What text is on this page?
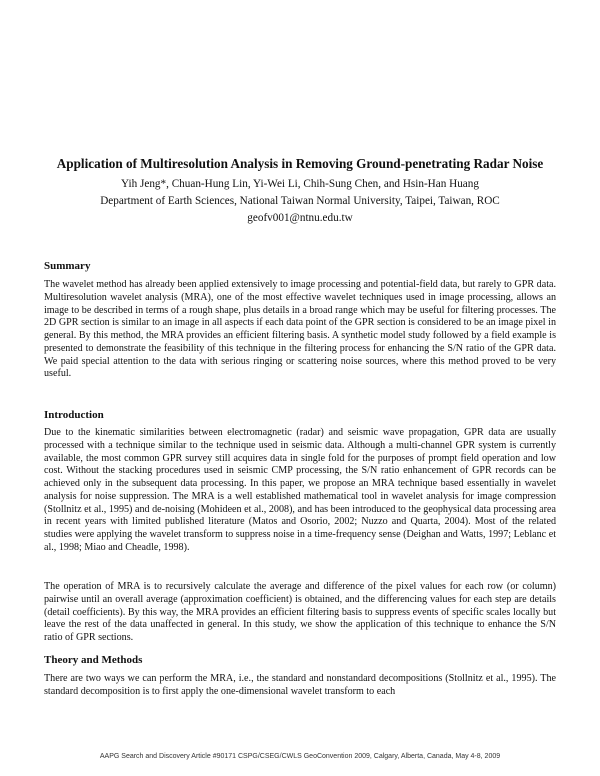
Application of Multiresolution Analysis in Removing Ground-penetrating Radar Noise
Yih Jeng*, Chuan-Hung Lin, Yi-Wei Li, Chih-Sung Chen, and Hsin-Han Huang
Department of Earth Sciences, National Taiwan Normal University, Taipei, Taiwan, ROC
geofv001@ntnu.edu.tw
Summary

The wavelet method has already been applied extensively to image processing and potential-field data, but rarely to GPR data. Multiresolution wavelet analysis (MRA), one of the most effective wavelet techniques used in image processing, allows an image to be described in terms of a rough shape, plus details in a broad range which may be useful for filtering processes. The 2D GPR section is similar to an image in all aspects if each data point of the GPR section is considered to be an image pixel in general. By this method, the MRA provides an efficient filtering basis. A synthetic model study followed by a field example is presented to demonstrate the feasibility of this technique in the filtering process for enhancing the S/N ratio of the GPR data. We paid special attention to the data with serious ringing or scattering noise sources, where this method proved to be very useful.

Introduction

Due to the kinematic similarities between electromagnetic (radar) and seismic wave propagation, GPR data are usually processed with a technique similar to the technique used in seismic data. Although a multi-channel GPR system is currently available, the most common GPR survey still acquires data in single fold for the purposes of prompt field operation and low cost. Without the stacking procedures used in seismic CMP processing, the S/N ratio enhancement of GPR records can be achieved only in the subsequent data processing. In this paper, we propose an MRA technique based essentially in wavelet analysis for noise suppression. The MRA is a well established mathematical tool in wavelet analysis for image compression (Stollnitz et al., 1995) and de-noising (Mohideen et al., 2008), and has been introduced to the geophysical data processing area in recent years with limited published literature (Matos and Osorio, 2002; Nuzzo and Quarta, 2004). Most of the related studies were applying the wavelet transform to suppress noise in a time-frequency sense (Deighan and Watts, 1997; Leblanc et al., 1998; Miao and Cheadle, 1998).

The operation of MRA is to recursively calculate the average and difference of the pixel values for each row (or column) pairwise until an overall average (approximation coefficient) is obtained, and the differencing values for each step are details (detail coefficients). By this way, the MRA provides an efficient filtering basis to suppress events of specific scales locally but leave the rest of the data unaffected in general. In this study, we show the application of this technique to enhance the S/N ratio of GPR sections.

Theory and Methods

There are two ways we can perform the MRA, i.e., the standard and nonstandard decompositions (Stollnitz et al., 1995). The standard decomposition is to first apply the one-dimensional wavelet transform to each

AAPG Search and Discovery Article #90171 CSPG/CSEG/CWLS GeoConvention 2009, Calgary, Alberta, Canada, May 4-8, 2009
